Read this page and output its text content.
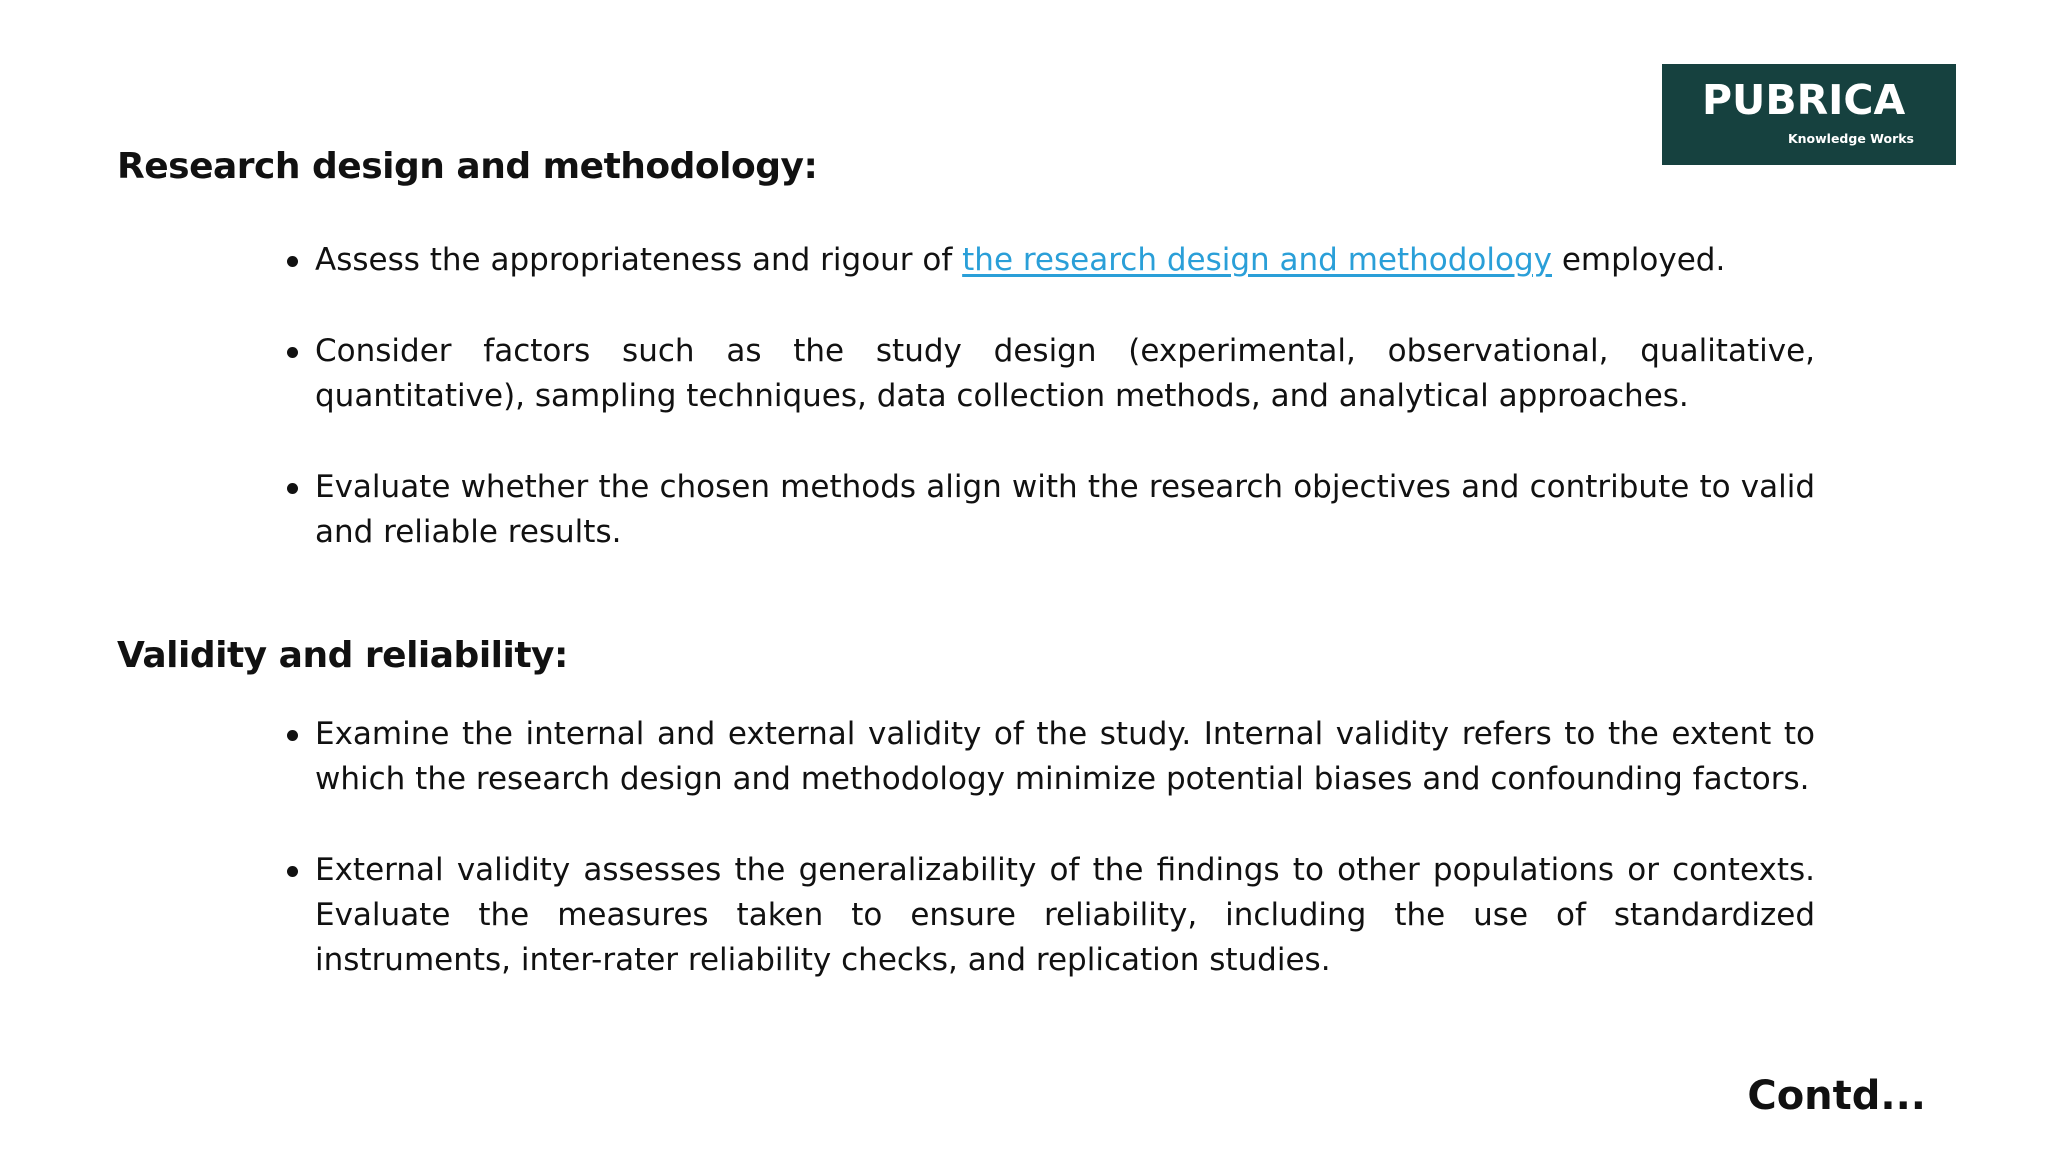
PUBRICA
Knowledge Works
Research design and methodology:
Assess the appropriateness and rigour of the research design and methodology employed.
Consider factors such as the study design (experimental, observational, qualitative, quantitative), sampling techniques, data collection methods, and analytical approaches.
Evaluate whether the chosen methods align with the research objectives and contribute to valid and reliable results.
Validity and reliability:
Examine the internal and external validity of the study. Internal validity refers to the extent to which the research design and methodology minimize potential biases and confounding factors.
External validity assesses the generalizability of the findings to other populations or contexts. Evaluate the measures taken to ensure reliability, including the use of standardized instruments, inter-rater reliability checks, and replication studies.
Contd...
